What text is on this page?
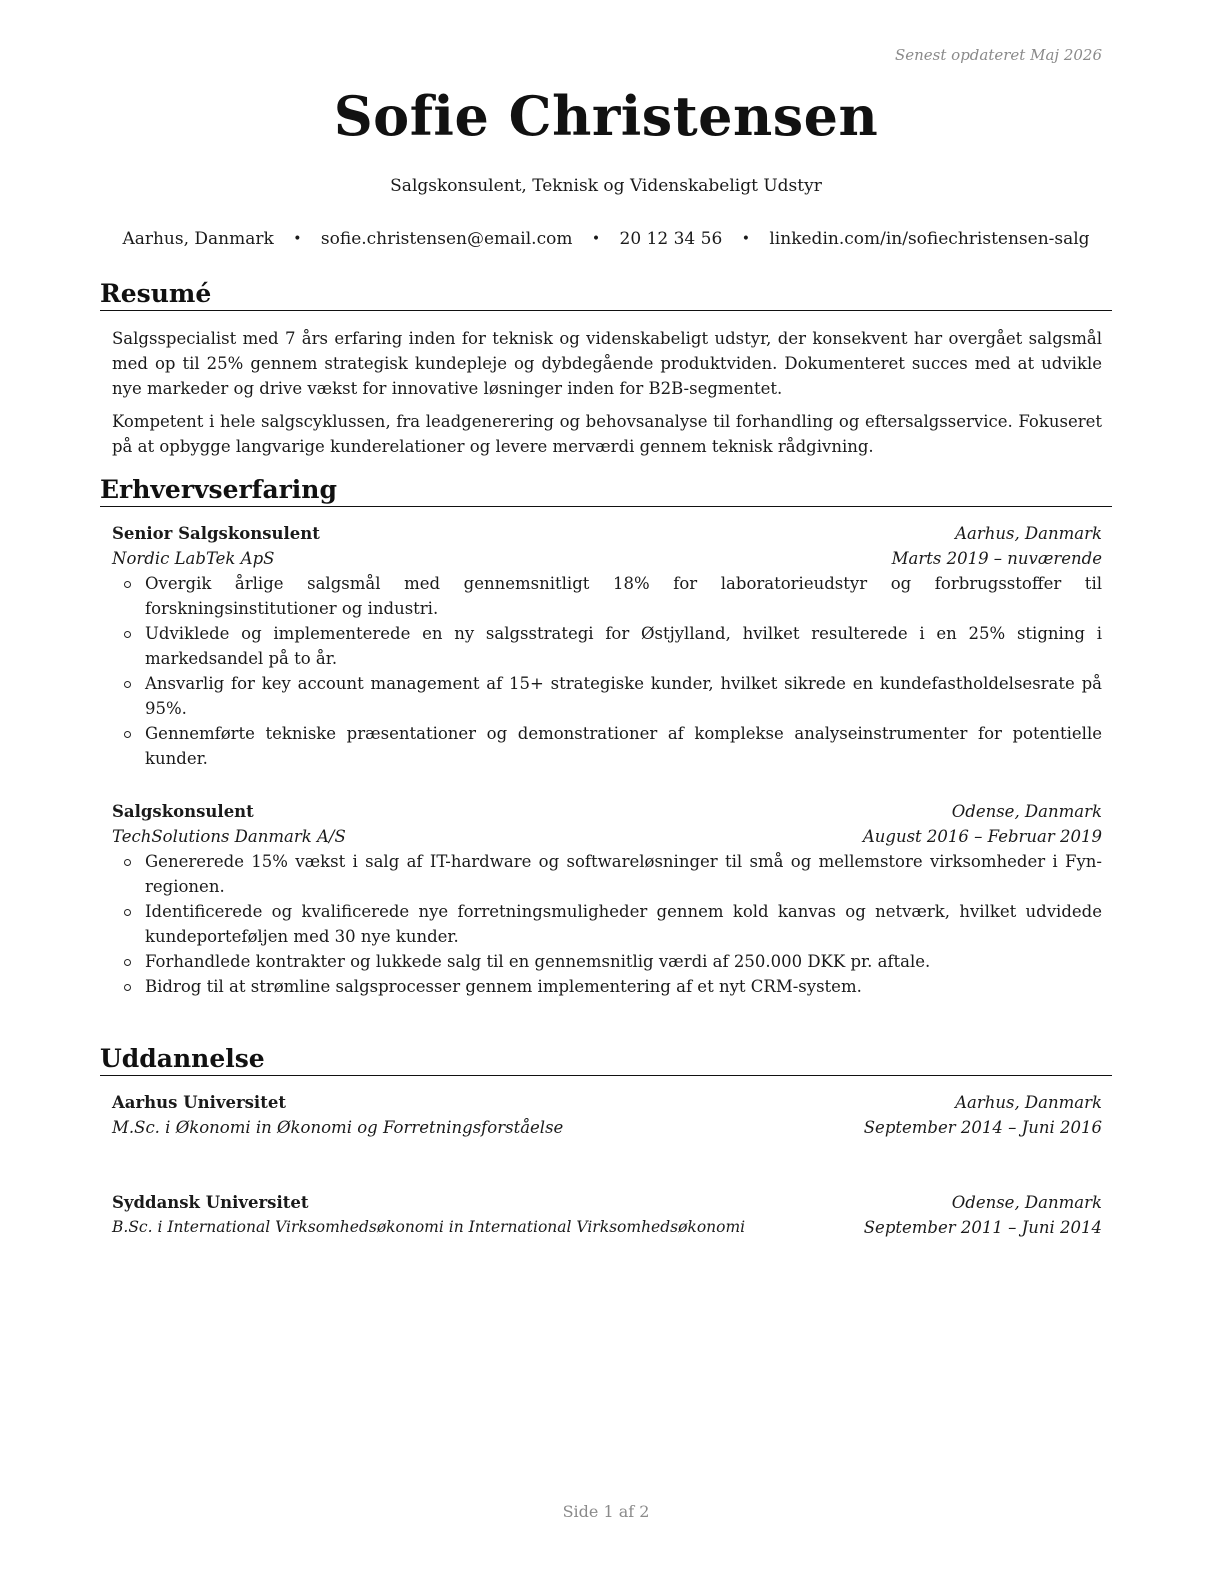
Senest opdateret Maj 2026
Sofie Christensen
Salgskonsulent, Teknisk og Videnskabeligt Udstyr
Aarhus, Danmark • sofie.christensen@email.com • 20 12 34 56 • linkedin.com/in/sofiechristensen-salg
Resumé
Salgsspecialist med 7 års erfaring inden for teknisk og videnskabeligt udstyr, der konsekvent har overgået salgsmål med op til 25% gennem strategisk kundepleje og dybdegående produktviden. Dokumenteret succes med at udvikle nye markeder og drive vækst for innovative løsninger inden for B2B-segmentet.
Kompetent i hele salgscyklussen, fra leadgenerering og behovsanalyse til forhandling og eftersalgsservice. Fokuseret på at opbygge langvarige kunderelationer og levere merværdi gennem teknisk rådgivning.
Erhvervserfaring
Senior Salgskonsulent	Aarhus, Danmark
Nordic LabTek ApS	Marts 2019 – nuværende
Overgik årlige salgsmål med gennemsnitligt 18% for laboratorieudstyr og forbrugsstoffer til forskningsinstitutioner og industri.
Udviklede og implementerede en ny salgsstrategi for Østjylland, hvilket resulterede i en 25% stigning i markedsandel på to år.
Ansvarlig for key account management af 15+ strategiske kunder, hvilket sikrede en kundefastholdelsesrate på 95%.
Gennemførte tekniske præsentationer og demonstrationer af komplekse analyseinstrumenter for potentielle kunder.
Salgskonsulent	Odense, Danmark
TechSolutions Danmark A/S	August 2016 – Februar 2019
Genererede 15% vækst i salg af IT-hardware og softwareløsninger til små og mellemstore virksomheder i Fyn-regionen.
Identificerede og kvalificerede nye forretningsmuligheder gennem kold kanvas og netværk, hvilket udvidede kundeporteføljen med 30 nye kunder.
Forhandlede kontrakter og lukkede salg til en gennemsnitlig værdi af 250.000 DKK pr. aftale.
Bidrog til at strømline salgsprocesser gennem implementering af et nyt CRM-system.
Uddannelse
Aarhus Universitet	Aarhus, Danmark
M.Sc. i Økonomi in Økonomi og Forretningsforståelse	September 2014 – Juni 2016
Syddansk Universitet	Odense, Danmark
B.Sc. i International Virksomhedsøkonomi in International Virksomhedsøkonomi	September 2011 – Juni 2014
Side 1 af 2
